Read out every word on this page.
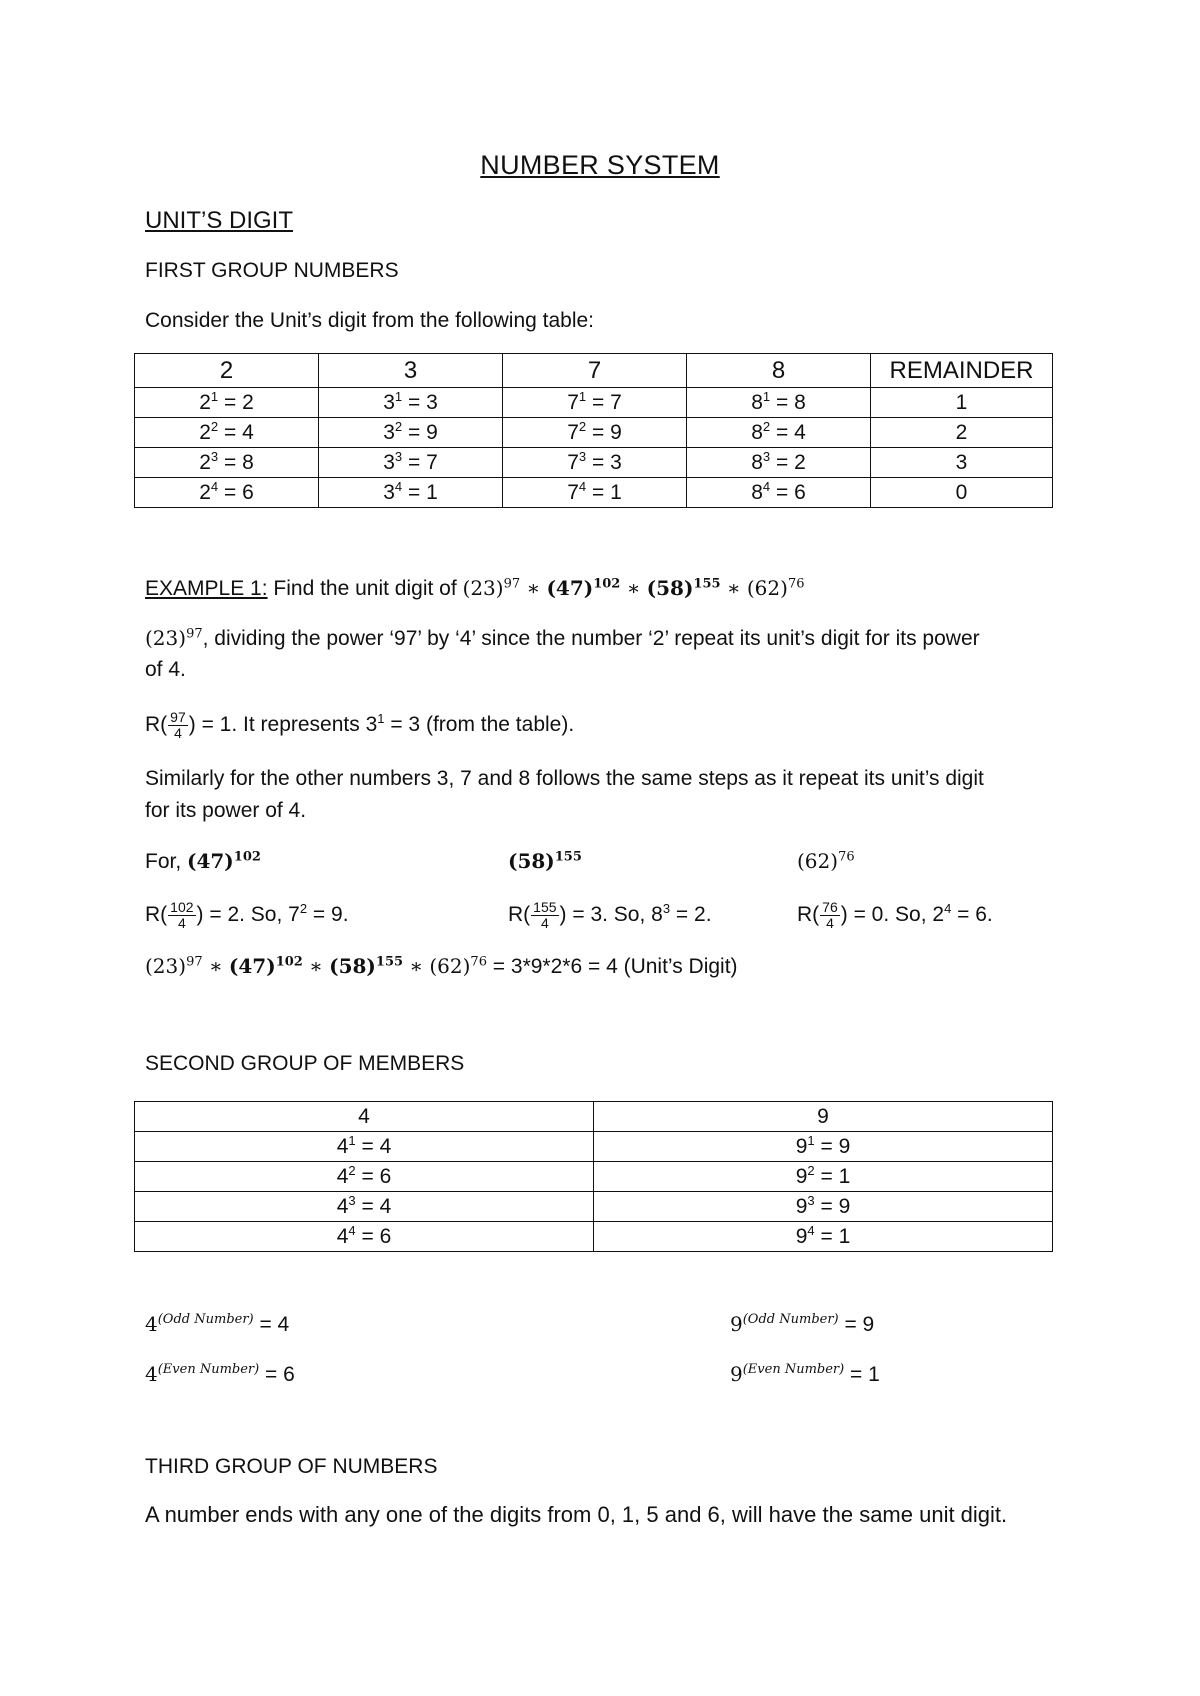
NUMBER SYSTEM
UNIT’S DIGIT
FIRST GROUP NUMBERS
Consider the Unit’s digit from the following table:
2	3	7	8	REMAINDER
$2^1 = 2$	$3^1 = 3$	$7^1 = 7$	$8^1 = 8$	1
$2^2 = 4$	$3^2 = 9$	$7^2 = 9$	$8^2 = 4$	2
$2^3 = 8$	$3^3 = 7$	$7^3 = 3$	$8^3 = 2$	3
$2^4 = 6$	$3^4 = 1$	$7^4 = 1$	$8^4 = 6$	0
EXAMPLE 1: Find the unit digit of $(23)^{97}$ ∗ $(47)^{102}$ ∗ $(58)^{155}$ ∗ $(62)^{76}$
$(23)^{97}$, dividing the power ‘97’ by ‘4’ since the number ‘2’ repeat its unit’s digit for its power
of 4.
$R( \frac{97}{4}$ ) = 1. It represents $3^1 = 3$ (from the table).
Similarly for the other numbers 3, 7 and 8 follows the same steps as it repeat its unit’s digit
for its power of 4.
For, $(47)^{102}$	$(58)^{155}$	$(62)^{76}$
$R( \frac{102}{4}$ ) = 2. So, $7^2 = 9$.	$R( \frac{155}{4}$ ) = 3. So, $8^3 = 2$.	$R( \frac{76}{4}$ ) = 0. So, $2^4 = 6$.
$(23)^{97}$ ∗ $(47)^{102}$ ∗ $(58)^{155}$ ∗ $(62)^{76} = 3*9*2*6 = 4$ (Unit’s Digit)
SECOND GROUP OF MEMBERS
4	9
$4^1 = 4$	$9^1 = 9$
$4^2 = 6$	$9^2 = 1$
$4^3 = 4$	$9^3 = 9$
$4^4 = 6$	$9^4 = 1$
$4^{(Odd Number)} = 4$	$9^{(Odd Number)} = 9$
$4^{(Even Number)} = 6$	$9^{(Even Number)} = 1$
THIRD GROUP OF NUMBERS
A number ends with any one of the digits from 0, 1, 5 and 6, will have the same unit digit.
